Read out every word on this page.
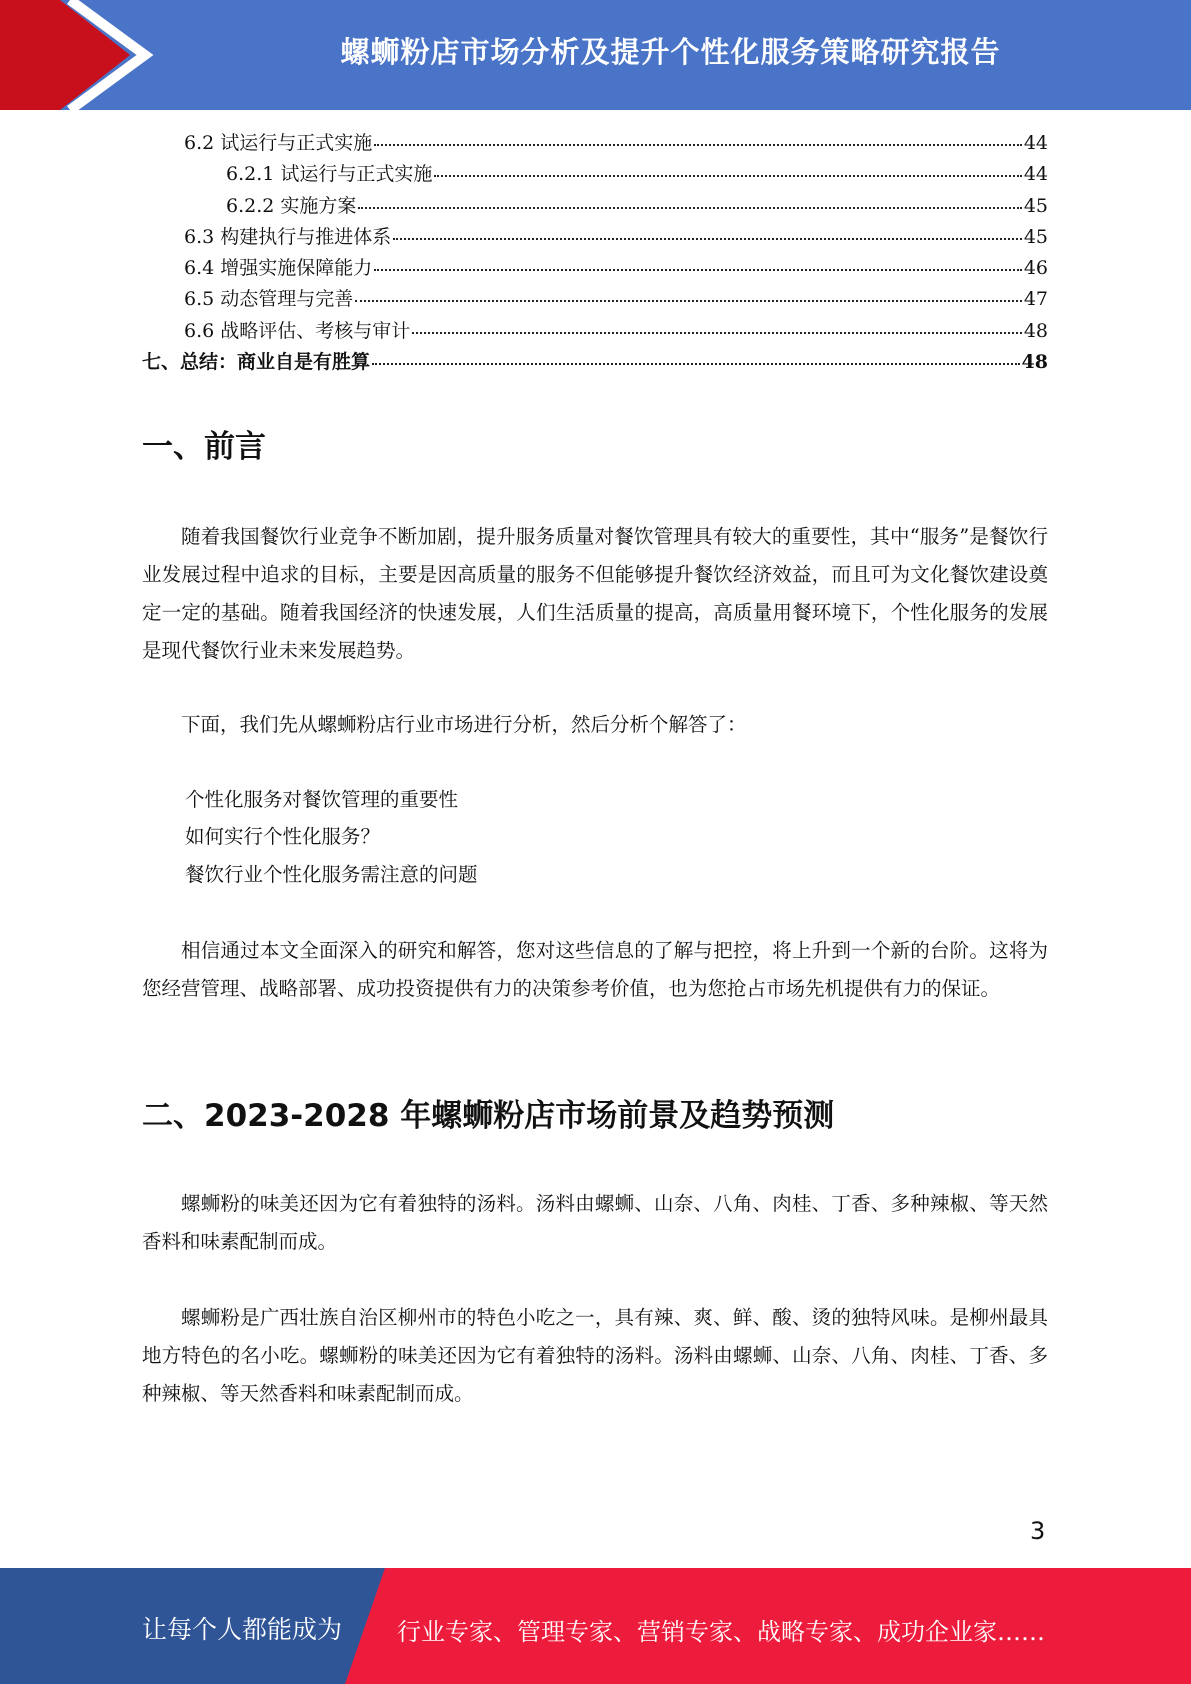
螺蛳粉店市场分析及提升个性化服务策略研究报告
6.2 试运行与正式实施	44
6.2.1 试运行与正式实施	44
6.2.2 实施方案	45
6.3 构建执行与推进体系	45
6.4 增强实施保障能力	46
6.5 动态管理与完善	47
6.6 战略评估、考核与审计	48
七、总结：商业自是有胜算	48
一、前言
随着我国餐饮行业竞争不断加剧，提升服务质量对餐饮管理具有较大的重要性，其中“服务”是餐饮行业发展过程中追求的目标，主要是因高质量的服务不但能够提升餐饮经济效益，而且可为文化餐饮建设奠定一定的基础。随着我国经济的快速发展，人们生活质量的提高，高质量用餐环境下，个性化服务的发展是现代餐饮行业未来发展趋势。
下面，我们先从螺蛳粉店行业市场进行分析，然后分析个解答了：
个性化服务对餐饮管理的重要性
如何实行个性化服务？
餐饮行业个性化服务需注意的问题
相信通过本文全面深入的研究和解答，您对这些信息的了解与把控，将上升到一个新的台阶。这将为您经营管理、战略部署、成功投资提供有力的决策参考价值，也为您抢占市场先机提供有力的保证。
二、2023-2028 年螺蛳粉店市场前景及趋势预测
螺蛳粉的味美还因为它有着独特的汤料。汤料由螺蛳、山奈、八角、肉桂、丁香、多种辣椒、等天然香料和味素配制而成。
螺蛳粉是广西壮族自治区柳州市的特色小吃之一，具有辣、爽、鲜、酸、烫的独特风味。是柳州最具地方特色的名小吃。螺蛳粉的味美还因为它有着独特的汤料。汤料由螺蛳、山奈、八角、肉桂、丁香、多种辣椒、等天然香料和味素配制而成。
3
让每个人都能成为 行业专家、管理专家、营销专家、战略专家、成功企业家……
